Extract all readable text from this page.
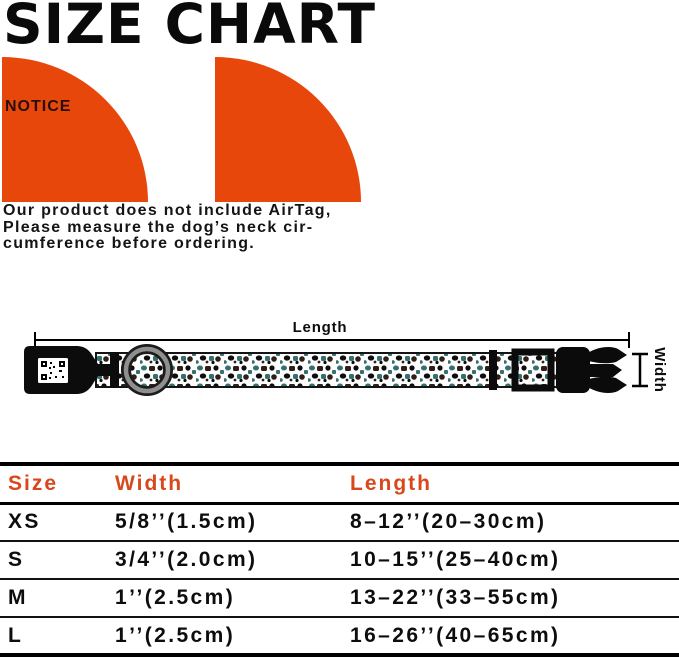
SIZE CHART
NOTICE

Our product does not include AirTag,
Please measure the dog’s neck cir-
cumference before ordering.

Length
Width
Size	Width	Length
XS	5/8’’(1.5cm)	8–12’’(20–30cm)
S	3/4’’(2.0cm)	10–15’’(25–40cm)
M	1’’(2.5cm)	13–22’’(33–55cm)
L	1’’(2.5cm)	16–26’’(40–65cm)
